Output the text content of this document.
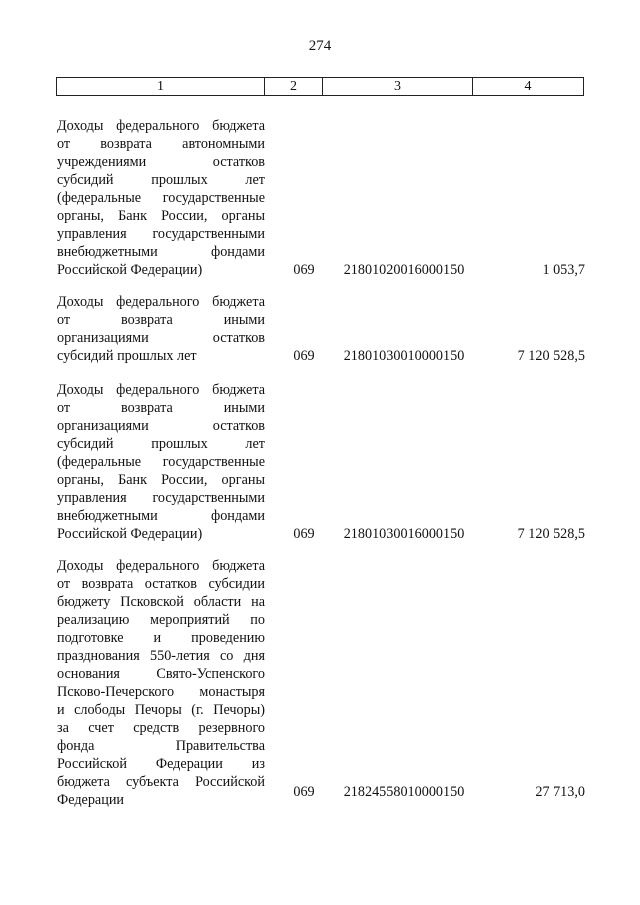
274
1	2	3	4
Доходы федерального бюджета
от возврата автономными
учреждениями остатков
субсидий прошлых лет
(федеральные государственные
органы, Банк России, органы
управления государственными
внебюджетными фондами
Российской Федерации)	069	21801020016000150	1 053,7
Доходы федерального бюджета
от возврата иными
организациями остатков
субсидий прошлых лет	069	21801030010000150	7 120 528,5
Доходы федерального бюджета
от возврата иными
организациями остатков
субсидий прошлых лет
(федеральные государственные
органы, Банк России, органы
управления государственными
внебюджетными фондами
Российской Федерации)	069	21801030016000150	7 120 528,5
Доходы федерального бюджета
от возврата остатков субсидии
бюджету Псковской области на
реализацию мероприятий по
подготовке и проведению
празднования 550-летия со дня
основания Свято-Успенского
Псково-Печерского монастыря
и слободы Печоры (г. Печоры)
за счет средств резервного
фонда Правительства
Российской Федерации из
бюджета субъекта Российской
Федерации	069	21824558010000150	27 713,0
